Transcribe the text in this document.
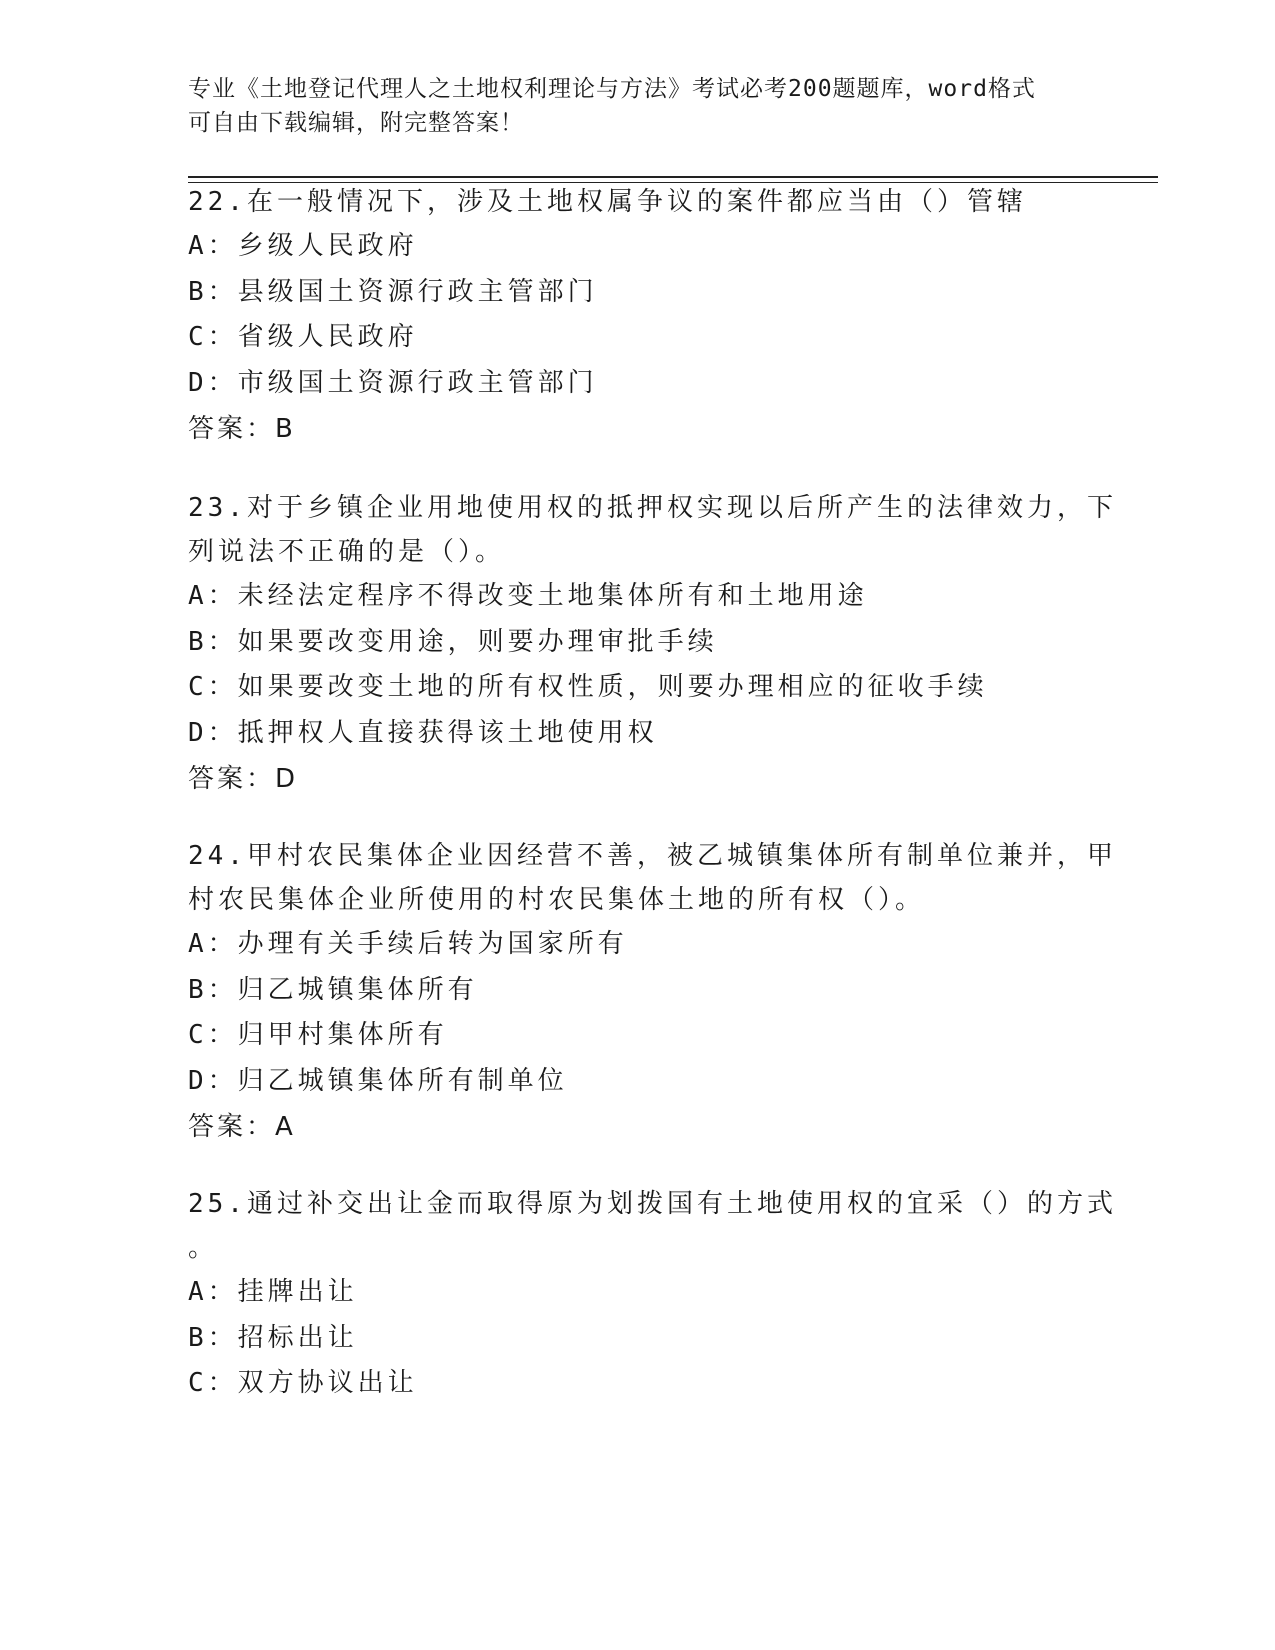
专业《土地登记代理人之土地权利理论与方法》考试必考200题题库，word格式
可自由下载编辑，附完整答案！
22.在一般情况下，涉及土地权属争议的案件都应当由（）管辖
A：乡级人民政府
B：县级国土资源行政主管部门
C：省级人民政府
D：市级国土资源行政主管部门
答案：B
23.对于乡镇企业用地使用权的抵押权实现以后所产生的法律效力，下
列说法不正确的是（）。
A：未经法定程序不得改变土地集体所有和土地用途
B：如果要改变用途，则要办理审批手续
C：如果要改变土地的所有权性质，则要办理相应的征收手续
D：抵押权人直接获得该土地使用权
答案：D
24.甲村农民集体企业因经营不善，被乙城镇集体所有制单位兼并，甲
村农民集体企业所使用的村农民集体土地的所有权（）。
A：办理有关手续后转为国家所有
B：归乙城镇集体所有
C：归甲村集体所有
D：归乙城镇集体所有制单位
答案：A
25.通过补交出让金而取得原为划拨国有土地使用权的宜采（）的方式
。
A：挂牌出让
B：招标出让
C：双方协议出让
